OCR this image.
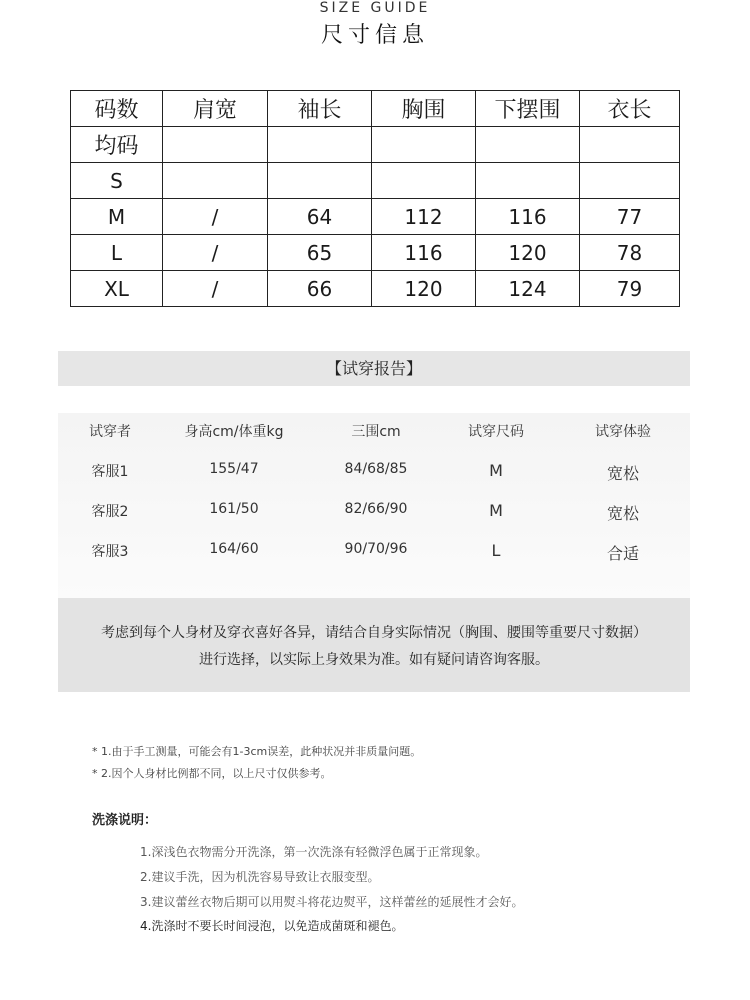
SIZE GUIDE
尺寸信息
码数	肩宽	袖长	胸围	下摆围	衣长
均码					
S					
M	/	64	112	116	77
L	/	65	116	120	78
XL	/	66	120	124	79
【试穿报告】
试穿者	身高cm/体重kg	三围cm	试穿尺码	试穿体验
客服1	155/47	84/68/85	M	宽松
客服2	161/50	82/66/90	M	宽松
客服3	164/60	90/70/96	L	合适
考虑到每个人身材及穿衣喜好各异，请结合自身实际情况（胸围、腰围等重要尺寸数据）
进行选择，以实际上身效果为准。如有疑问请咨询客服。
* 1.由于手工测量，可能会有1-3cm误差，此种状况并非质量问题。
* 2.因个人身材比例都不同，以上尺寸仅供参考。
洗涤说明：
1.深浅色衣物需分开洗涤，第一次洗涤有轻微浮色属于正常现象。
2.建议手洗，因为机洗容易导致让衣服变型。
3.建议蕾丝衣物后期可以用熨斗将花边熨平，这样蕾丝的延展性才会好。
4.洗涤时不要长时间浸泡，以免造成菌斑和褪色。
